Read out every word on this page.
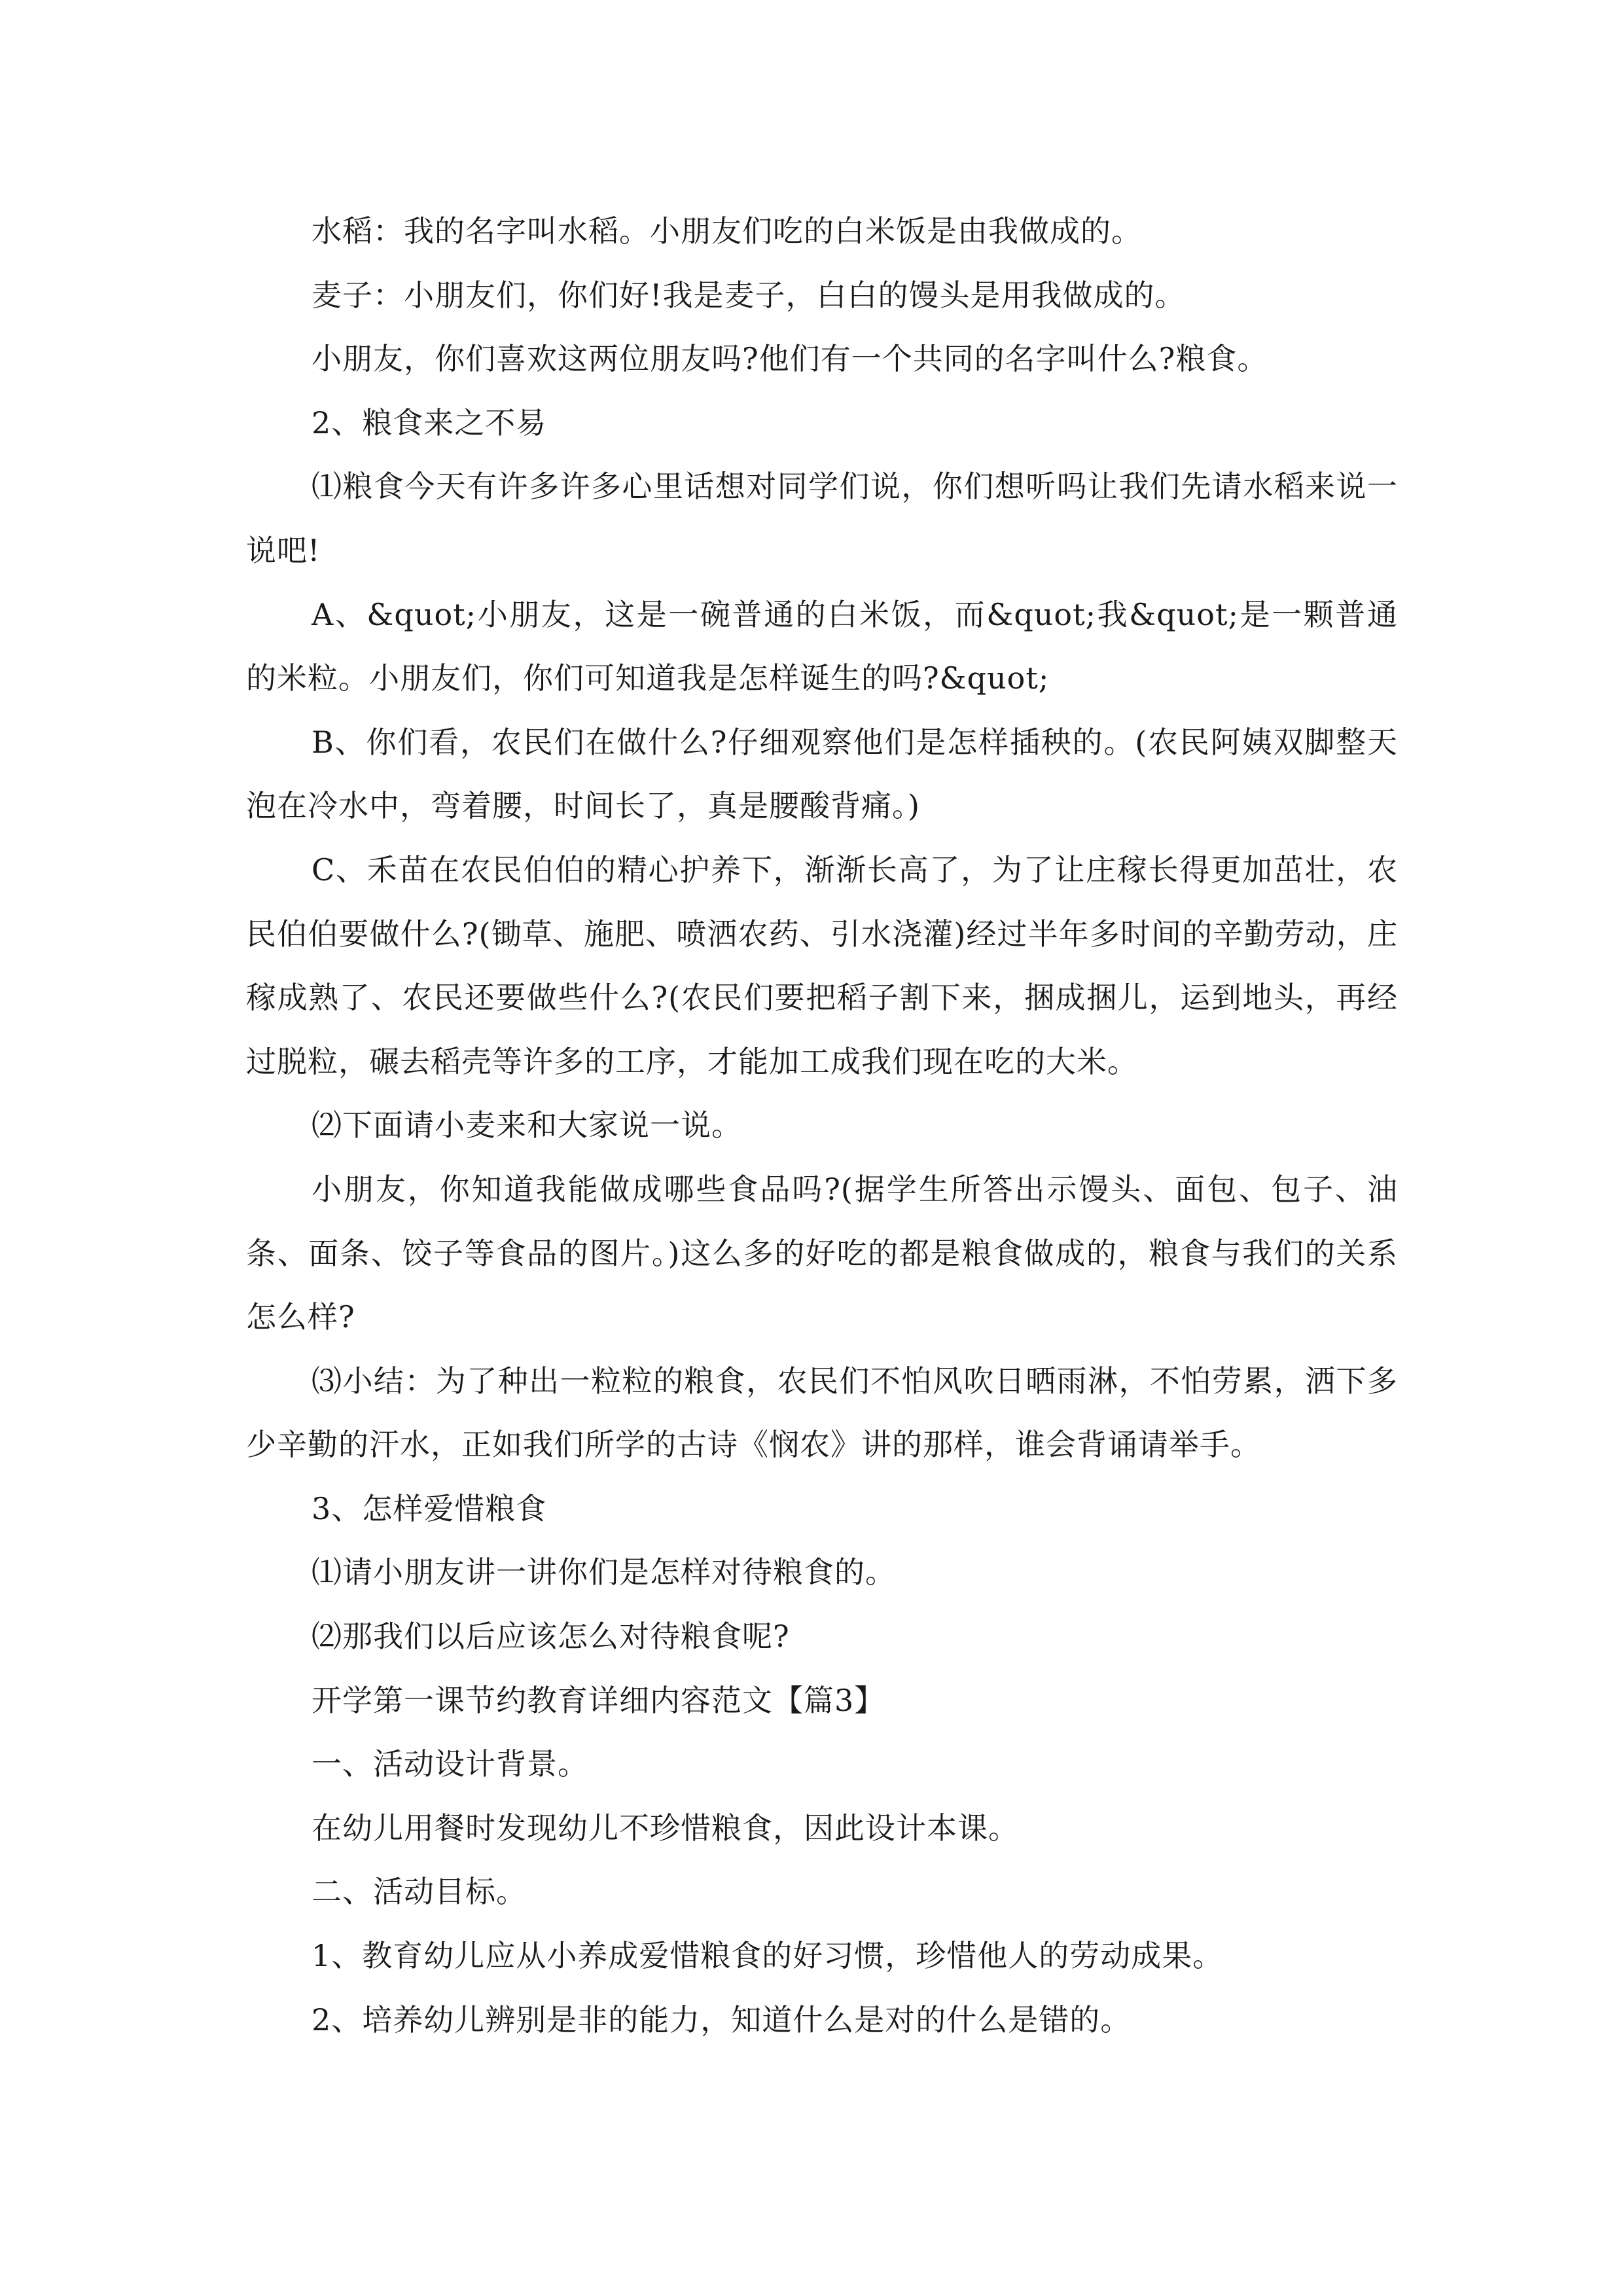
水稻：我的名字叫水稻。小朋友们吃的白米饭是由我做成的。

麦子：小朋友们，你们好!我是麦子，白白的馒头是用我做成的。

小朋友，你们喜欢这两位朋友吗?他们有一个共同的名字叫什么?粮食。

2、粮食来之不易

⑴粮食今天有许多许多心里话想对同学们说，你们想听吗让我们先请水稻来说一说吧!

A、&quot;小朋友，这是一碗普通的白米饭，而&quot;我&quot;是一颗普通的米粒。小朋友们，你们可知道我是怎样诞生的吗?&quot;

B、你们看，农民们在做什么?仔细观察他们是怎样插秧的。(农民阿姨双脚整天泡在冷水中，弯着腰，时间长了，真是腰酸背痛。)

C、禾苗在农民伯伯的精心护养下，渐渐长高了，为了让庄稼长得更加茁壮，农民伯伯要做什么?(锄草、施肥、喷洒农药、引水浇灌)经过半年多时间的辛勤劳动，庄稼成熟了、农民还要做些什么?(农民们要把稻子割下来，捆成捆儿，运到地头，再经过脱粒，碾去稻壳等许多的工序，才能加工成我们现在吃的大米。

⑵下面请小麦来和大家说一说。

小朋友，你知道我能做成哪些食品吗?(据学生所答出示馒头、面包、包子、油条、面条、饺子等食品的图片。)这么多的好吃的都是粮食做成的，粮食与我们的关系怎么样?

⑶小结：为了种出一粒粒的粮食，农民们不怕风吹日晒雨淋，不怕劳累，洒下多少辛勤的汗水，正如我们所学的古诗《悯农》讲的那样，谁会背诵请举手。

3、怎样爱惜粮食

⑴请小朋友讲一讲你们是怎样对待粮食的。

⑵那我们以后应该怎么对待粮食呢?

开学第一课节约教育详细内容范文【篇3】

一、活动设计背景。

在幼儿用餐时发现幼儿不珍惜粮食，因此设计本课。

二、活动目标。

1、教育幼儿应从小养成爱惜粮食的好习惯，珍惜他人的劳动成果。

2、培养幼儿辨别是非的能力，知道什么是对的什么是错的。
